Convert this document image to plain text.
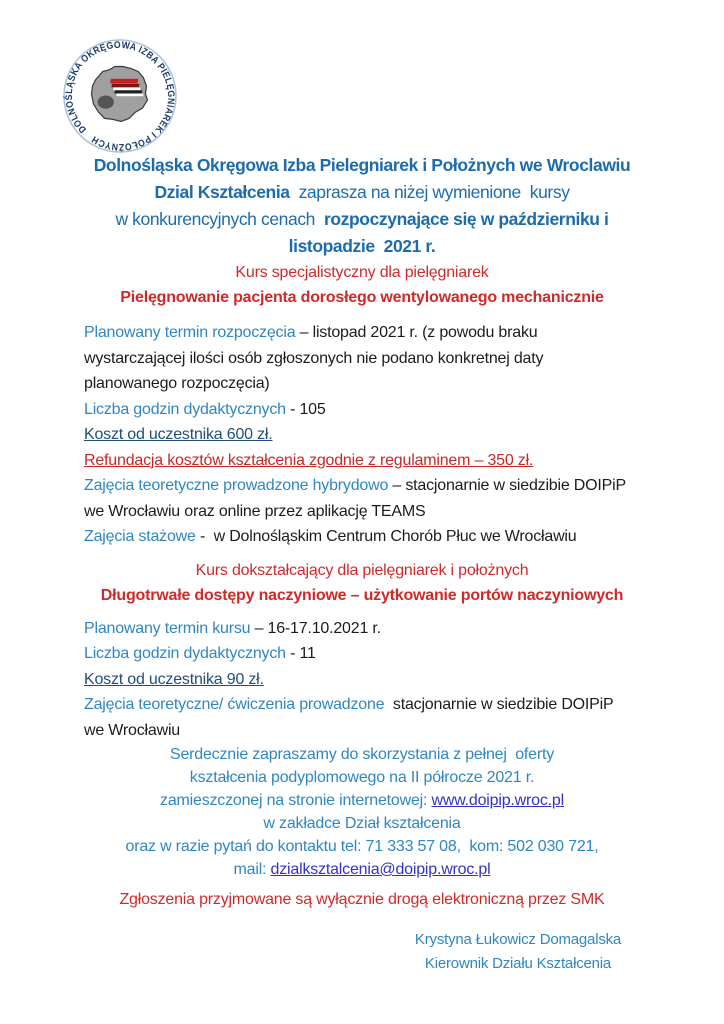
DOLNOŚLĄSKA OKRĘGOWA IZBA PIELĘGNIAREK I POŁOŻNYCH
Dolnośląska Okręgowa Izba Pielegniarek i Położnych we Wroclawiu
Dzial Kształcenia  zaprasza na niżej wymienione  kursy
w konkurencyjnych cenach  rozpoczynające się w październiku i
listopadzie  2021 r.
Kurs specjalistyczny dla pielęgniarek
Pielęgnowanie pacjenta dorosłego wentylowanego mechanicznie
Planowany termin rozpoczęcia – listopad 2021 r. (z powodu braku
wystarczającej ilości osób zgłoszonych nie podano konkretnej daty
planowanego rozpoczęcia)
Liczba godzin dydaktycznych - 105
Koszt od uczestnika 600 zł.
Refundacja kosztów kształcenia zgodnie z regulaminem – 350 zł.
Zajęcia teoretyczne prowadzone hybrydowo – stacjonarnie w siedzibie DOIPiP
we Wrocławiu oraz online przez aplikację TEAMS
Zajęcia stażowe -  w Dolnośląskim Centrum Chorób Płuc we Wrocławiu
Kurs dokształcający dla pielęgniarek i położnych
Długotrwałe dostępy naczyniowe – użytkowanie portów naczyniowych
Planowany termin kursu – 16-17.10.2021 r.
Liczba godzin dydaktycznych - 11
Koszt od uczestnika 90 zł.
Zajęcia teoretyczne/ ćwiczenia prowadzone  stacjonarnie w siedzibie DOIPiP
we Wrocławiu
Serdecznie zapraszamy do skorzystania z pełnej  oferty
kształcenia podyplomowego na II półrocze 2021 r.
zamieszczonej na stronie internetowej: www.doipip.wroc.pl
w zakładce Dział kształcenia
oraz w razie pytań do kontaktu tel: 71 333 57 08,  kom: 502 030 721,
mail: dzialksztalcenia@doipip.wroc.pl
Zgłoszenia przyjmowane są wyłącznie drogą elektroniczną przez SMK
Krystyna Łukowicz Domagalska
Kierownik Działu Kształcenia
